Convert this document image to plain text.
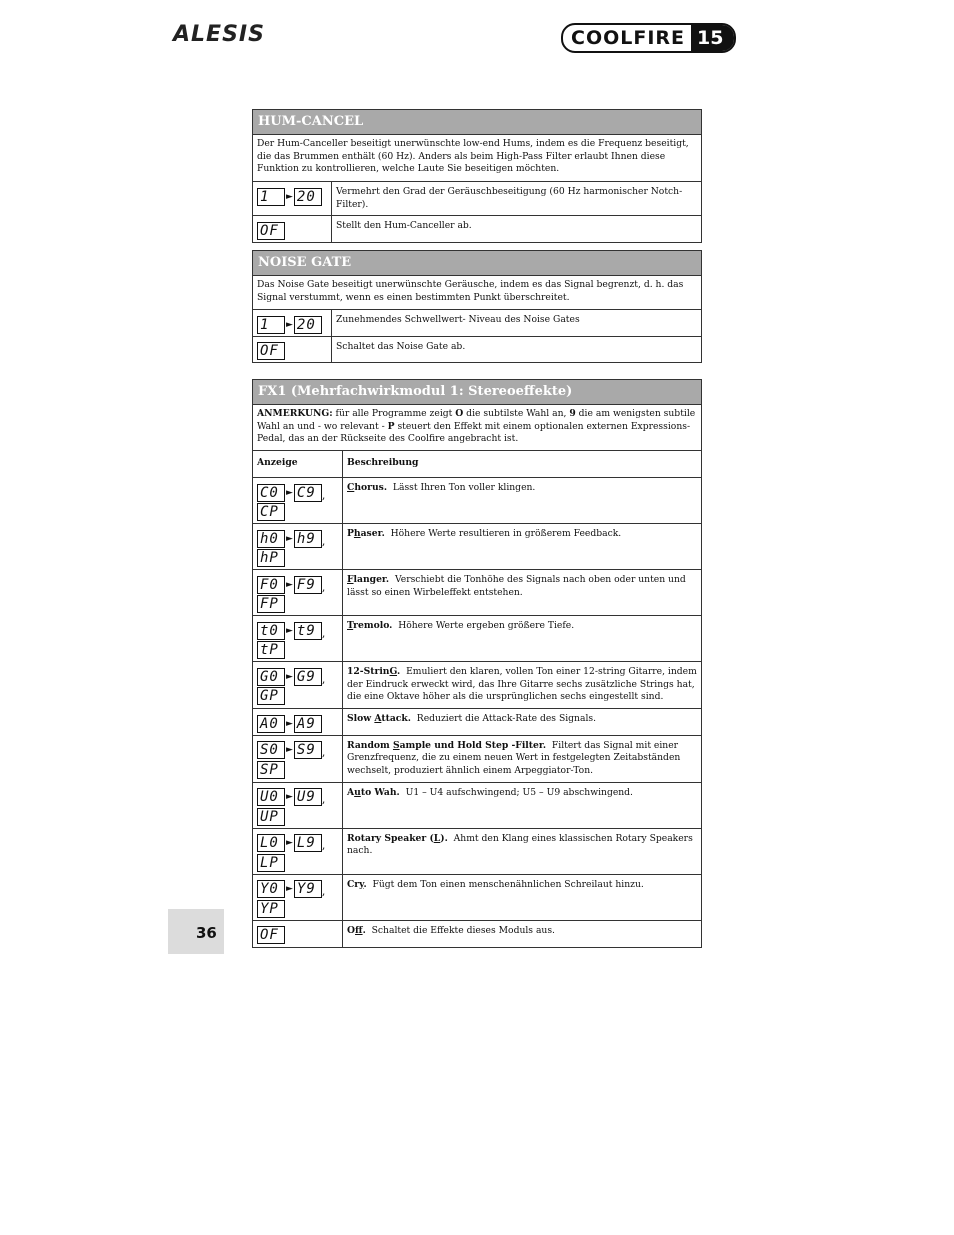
ALESIS	COOLFIRE 15
HUM-CANCEL	
Der Hum-Canceller beseitigt unerwünschte low-end Hums, indem es die Frequenz beseitigt, die das Brummen enthält (60 Hz). Anders als beim High-Pass Filter erlaubt Ihnen diese Funktion zu kontrollieren, welche Laute Sie beseitigen möchten.	
1 ► 20	Vermehrt den Grad der Geräuschbeseitigung (60 Hz harmonischer Notch-Filter).
OF	Stellt den Hum-Canceller ab.
NOISE GATE	
Das Noise Gate beseitigt unerwünschte Geräusche, indem es das Signal begrenzt, d. h. das Signal verstummt, wenn es einen bestimmten Punkt überschreitet.	
1 ► 20	Zunehmendes Schwellwert- Niveau des Noise Gates
OF	Schaltet das Noise Gate ab.
FX1 (Mehrfachwirkmodul 1: Stereoeffekte)	
ANMERKUNG: für alle Programme zeigt O die subtilste Wahl an, 9 die am wenigsten subtile Wahl an und - wo relevant - P steuert den Effekt mit einem optionalen externen Expressions-Pedal, das an der Rückseite des Coolfire angebracht ist.	
Anzeige	Beschreibung
C0 ► C9 ,CP	Chorus. Lässt Ihren Ton voller klingen.
h0 ► h9 ,hP	Phaser. Höhere Werte resultieren in größerem Feedback.
F0 ► F9 ,FP	Flanger. Verschiebt die Tonhöhe des Signals nach oben oder unten und lässt so einen Wirbeleffekt entstehen.
t0 ► t9 ,tP	Tremolo. Höhere Werte ergeben größere Tiefe.
G0 ► G9 ,GP	12-StrinG. Emuliert den klaren, vollen Ton einer 12-string Gitarre, indem der Eindruck erweckt wird, das Ihre Gitarre sechs zusätzliche Strings hat, die eine Oktave höher als die ursprünglichen sechs eingestellt sind.
A0 ► A9	Slow Attack. Reduziert die Attack-Rate des Signals.
S0 ► S9 ,SP	Random Sample und Hold Step -Filter. Filtert das Signal mit einer Grenzfrequenz, die zu einem neuen Wert in festgelegten Zeitabständen wechselt, produziert ähnlich einem Arpeggiator-Ton.
U0 ► U9 ,UP	Auto Wah. U1 – U4 aufschwingend; U5 – U9 abschwingend.
L0 ► L9 ,LP	Rotary Speaker (L). Ahmt den Klang eines klassischen Rotary Speakers nach.
Y0 ► Y9 ,YP	Cry. Fügt dem Ton einen menschenähnlichen Schreilaut hinzu.
OF	Off. Schaltet die Effekte dieses Moduls aus.
36
